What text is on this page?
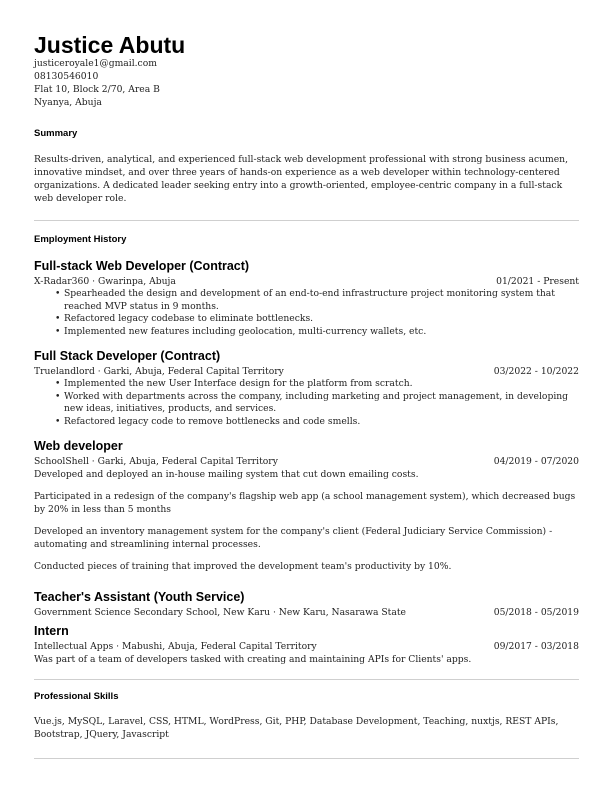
Justice Abutu
justiceroyale1@gmail.com
08130546010
Flat 10, Block 2/70, Area B
Nyanya, Abuja
Summary
Results-driven, analytical, and experienced full-stack web development professional with strong business acumen, innovative mindset, and over three years of hands-on experience as a web developer within technology-centered organizations. A dedicated leader seeking entry into a growth-oriented, employee-centric company in a full-stack web developer role.
Employment History
Full-stack Web Developer (Contract)
X-Radar360 · Gwarinpa, Abuja	01/2021 - Present
• Spearheaded the design and development of an end-to-end infrastructure project monitoring system that reached MVP status in 9 months.
• Refactored legacy codebase to eliminate bottlenecks.
• Implemented new features including geolocation, multi-currency wallets, etc.
Full Stack Developer (Contract)
Truelandlord · Garki, Abuja, Federal Capital Territory	03/2022 - 10/2022
• Implemented the new User Interface design for the platform from scratch.
• Worked with departments across the company, including marketing and project management, in developing new ideas, initiatives, products, and services.
• Refactored legacy code to remove bottlenecks and code smells.
Web developer
SchoolShell · Garki, Abuja, Federal Capital Territory	04/2019 - 07/2020

Developed and deployed an in-house mailing system that cut down emailing costs.

Participated in a redesign of the company's flagship web app (a school management system), which decreased bugs by 20% in less than 5 months

Developed an inventory management system for the company's client (Federal Judiciary Service Commission) - automating and streamlining internal processes.

Conducted pieces of training that improved the development team's productivity by 10%.

Teacher's Assistant (Youth Service)
Government Science Secondary School, New Karu · New Karu, Nasarawa State	05/2018 - 05/2019
Intern
Intellectual Apps · Mabushi, Abuja, Federal Capital Territory	09/2017 - 03/2018

Was part of a team of developers tasked with creating and maintaining APIs for Clients' apps.

Professional Skills
Vue.js, MySQL, Laravel, CSS, HTML, WordPress, Git, PHP, Database Development, Teaching, nuxtjs, REST APIs, Bootstrap, JQuery, Javascript
